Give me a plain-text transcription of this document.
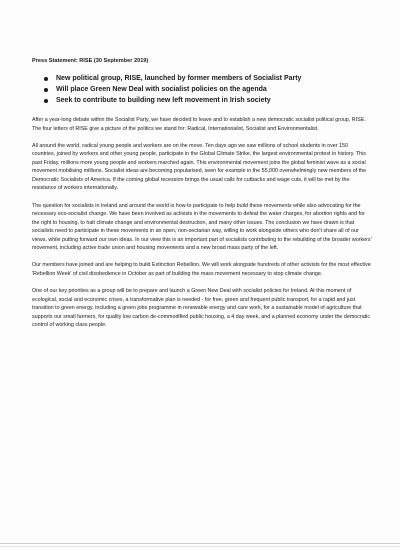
Press Statement: RISE (30 September 2019)
New political group, RISE, launched by former members of Socialist Party
Will place Green New Deal with socialist policies on the agenda
Seek to contribute to building new left movement in Irish society

After a year-long debate within the Socialist Party, we have decided to leave and to establish a new democratic socialist political group, RISE. The four letters of RISE give a picture of the politics we stand for: Radical, Internationalist, Socialist and Environmentalist.

All around the world, radical young people and workers are on the move. Ten days ago we saw millions of school students in over 150 countries, joined by workers and other young people, participate in the Global Climate Strike, the largest environmental protest in history. This past Friday, millions more young people and workers marched again. This environmental movement joins the global feminist wave as a social movement mobilising millions. Socialist ideas are becoming popularised, seen for example in the 55,000 overwhelmingly new members of the Democratic Socialists of America. If the coming global recession brings the usual calls for cutbacks and wage cuts, it will be met by the resistance of workers internationally.

The question for socialists in Ireland and around the world is how to participate to help build these movements while also advocating for the necessary eco-socialist change. We have been involved as activists in the movements to defeat the water charges, for abortion rights and for the right to housing, to halt climate change and environmental destruction, and many other issues. The conclusion we have drawn is that socialists need to participate in these movements in an open, non-sectarian way, willing to work alongside others who don't share all of our views, while putting forward our own ideas. In our view this is an important part of socialists contributing to the rebuilding of the broader workers' movement, including active trade union and housing movements and a new broad mass party of the left.

Our members have joined and are helping to build Extinction Rebellion. We will work alongside hundreds of other activists for the most effective 'Rebellion Week' of civil disobedience in October as part of building the mass movement necessary to stop climate change.

One of our key priorities as a group will be to prepare and launch a Green New Deal with socialist policies for Ireland. At this moment of ecological, social and economic crises, a transformative plan is needed - for free, green and frequent public transport, for a rapid and just transition to green energy, including a green jobs programme in renewable energy and care work, for a sustainable model of agriculture that supports our small farmers, for quality low carbon de-commodified public housing, a 4 day week, and a planned economy under the democratic control of working class people.
